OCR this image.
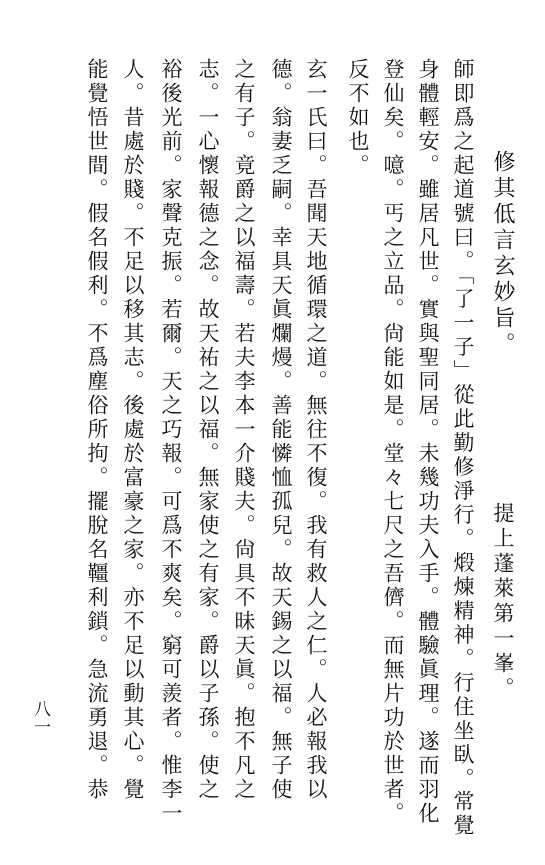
修其低言玄妙旨。
常覺
師即爲之起道號曰。「了一子」從此勤修淨行。煅煉精神。行住坐臥。 提上蓬萊第一峯。
身體輕安。雖居凡世。實與聖同居。未幾功夫入手。體驗眞理。遂而羽化
登仙矣。噫。丐之立品。尙能如是。堂々七尺之吾儕。而無片功於世者。
反不如也。
玄一氏曰。吾聞天地循環之道。無往不復。我有救人之仁。人必報我以
德。翁妻乏嗣。幸具天眞爛熳。善能憐恤孤兒。故天錫之以福。無子使
之有子。竟爵之以福壽。若夫李本一介賤夫。尙具不昧天眞。抱不凡之
志。一心懷報德之念。故天祐之以福。無家使之有家。爵以子孫。使之
裕後光前。家聲克振。若爾。天之巧報。可爲不爽矣。窮可羨者。惟李一
人。昔處於賤。不足以移其志。後處於富豪之家。亦不足以動其心。覺
能覺悟世間。假名假利。不爲塵俗所拘。擺脫名韁利鎖。急流勇退。恭
八一
